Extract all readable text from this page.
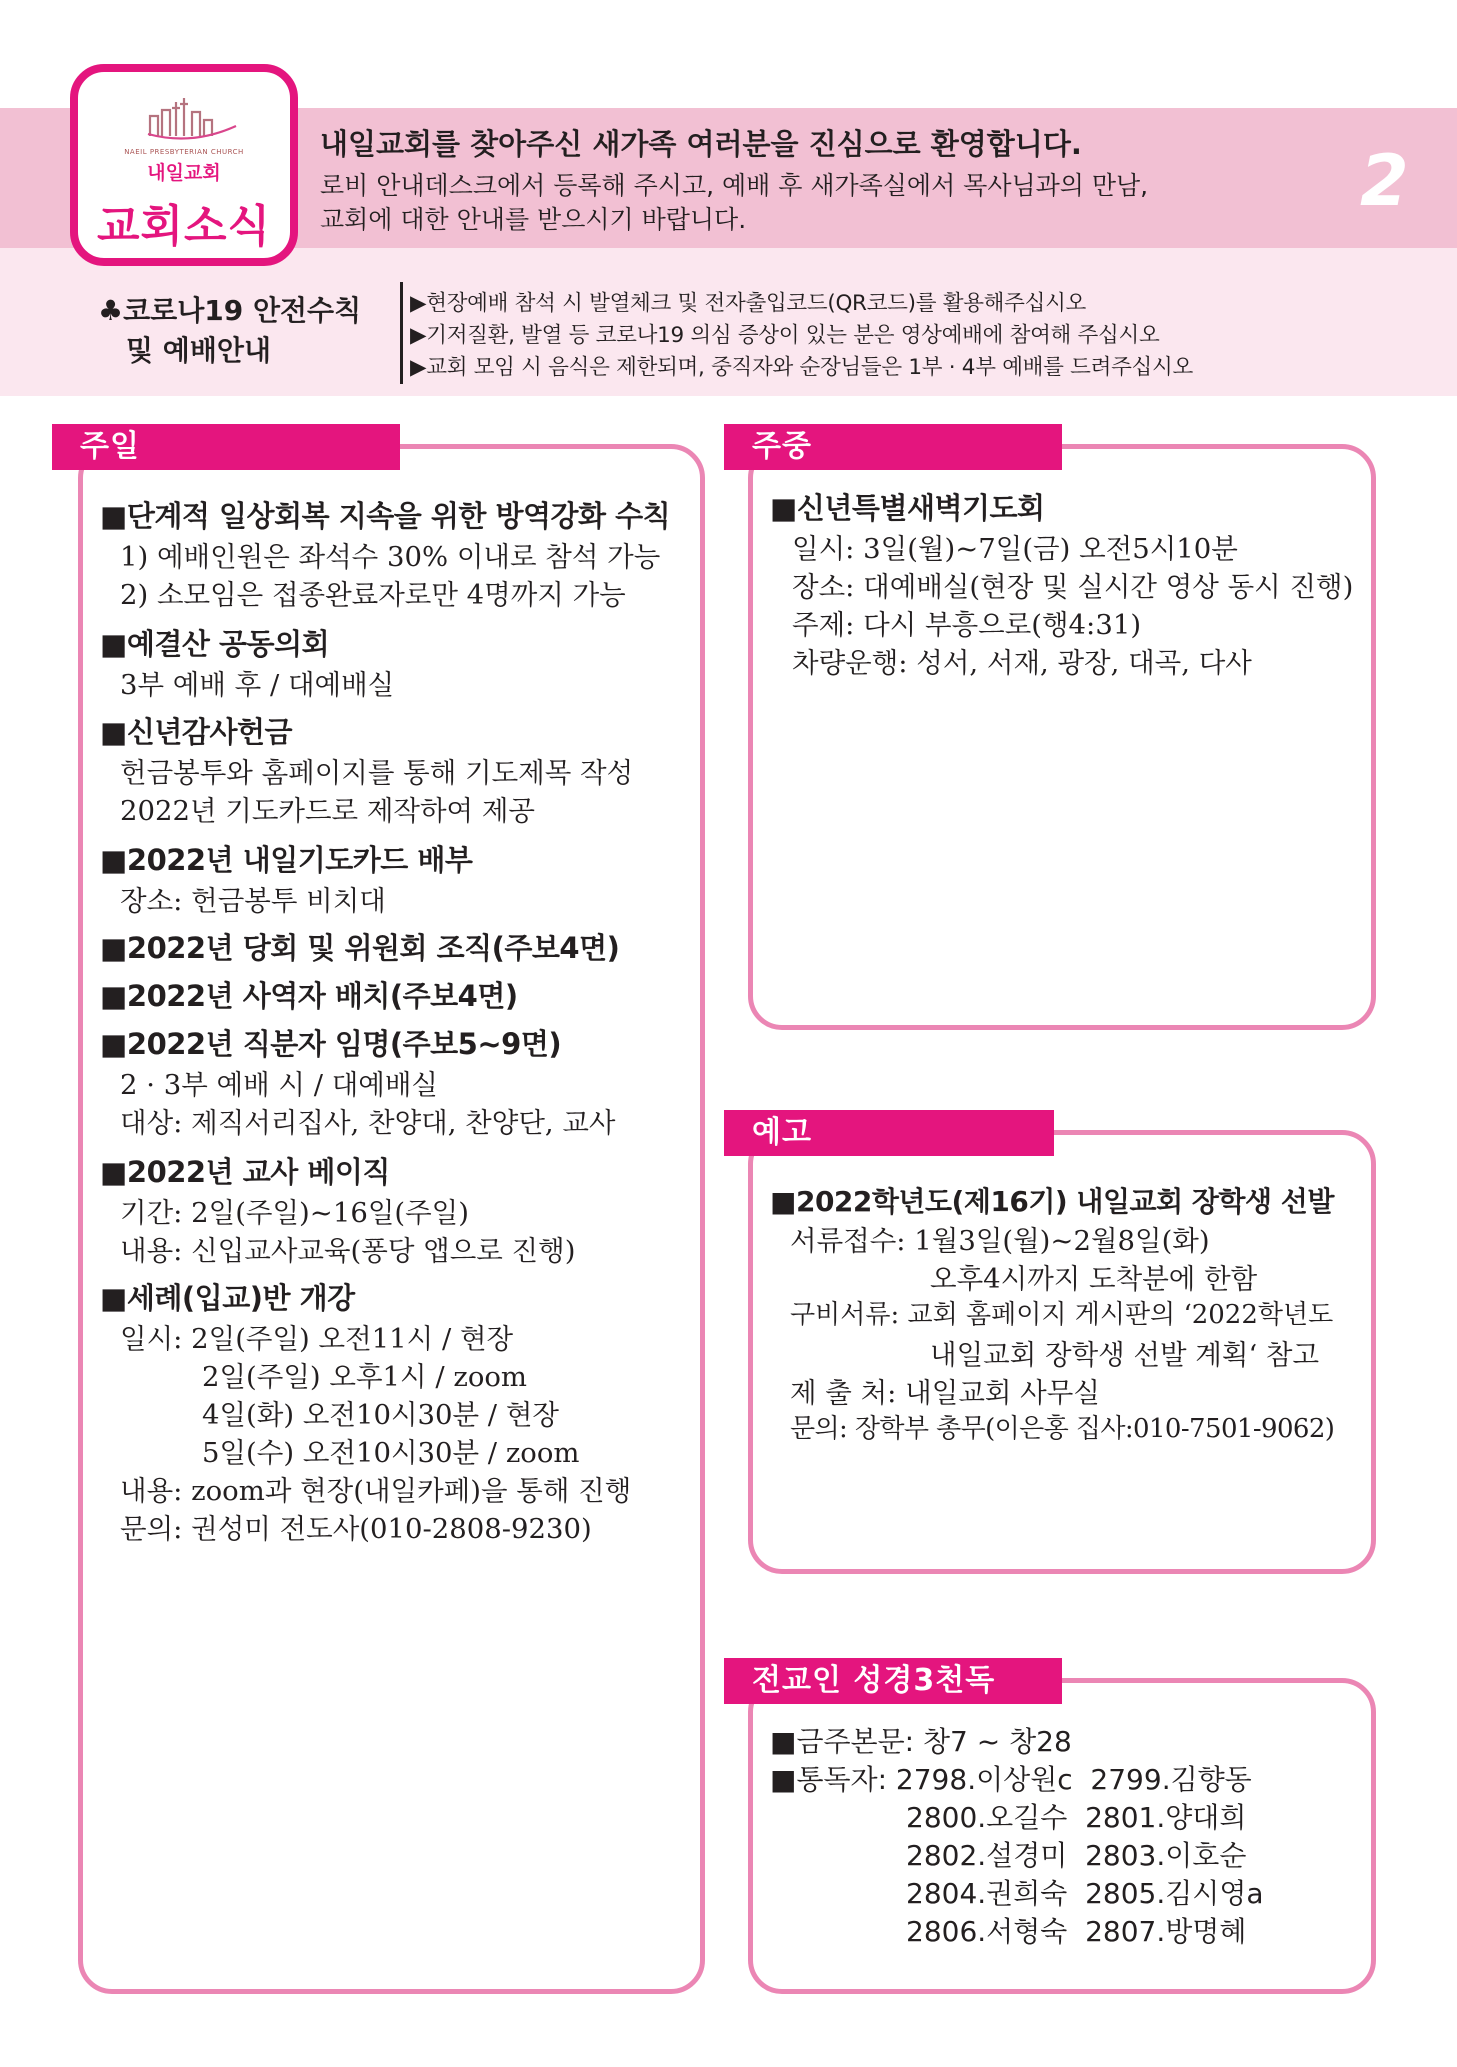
NAEIL PRESBYTERIAN CHURCH
내일교회
교회소식
내일교회를 찾아주신 새가족 여러분을 진심으로 환영합니다.
로비 안내데스크에서 등록해 주시고, 예배 후 새가족실에서 목사님과의 만남,
교회에 대한 안내를 받으시기 바랍니다.	2
♣코로나19 안전수칙
및 예배안내
▶현장예배 참석 시 발열체크 및 전자출입코드(QR코드)를 활용해주십시오
▶기저질환, 발열 등 코로나19 의심 증상이 있는 분은 영상예배에 참여해 주십시오
▶교회 모임 시 음식은 제한되며, 중직자와 순장님들은 1부 · 4부 예배를 드려주십시오
주일
■단계적 일상회복 지속을 위한 방역강화 수칙
1) 예배인원은 좌석수 30% 이내로 참석 가능
2) 소모임은 접종완료자로만 4명까지 가능
■예결산 공동의회
3부 예배 후 / 대예배실
■신년감사헌금
헌금봉투와 홈페이지를 통해 기도제목 작성
2022년 기도카드로 제작하여 제공
■2022년 내일기도카드 배부
장소: 헌금봉투 비치대
■2022년 당회 및 위원회 조직(주보4면)
■2022년 사역자 배치(주보4면)
■2022년 직분자 임명(주보5~9면)
2 · 3부 예배 시 / 대예배실
대상: 제직서리집사, 찬양대, 찬양단, 교사
■2022년 교사 베이직
기간: 2일(주일)~16일(주일)
내용: 신입교사교육(퐁당 앱으로 진행)
■세례(입교)반 개강
일시: 2일(주일) 오전11시 / 현장
2일(주일) 오후1시 / zoom
4일(화) 오전10시30분 / 현장
5일(수) 오전10시30분 / zoom
내용: zoom과 현장(내일카페)을 통해 진행
문의: 권성미 전도사(010-2808-9230)
주중
■신년특별새벽기도회
일시: 3일(월)~7일(금) 오전5시10분
장소: 대예배실(현장 및 실시간 영상 동시 진행)
주제: 다시 부흥으로(행4:31)
차량운행: 성서, 서재, 광장, 대곡, 다사
예고
■2022학년도(제16기) 내일교회 장학생 선발
서류접수: 1월3일(월)~2월8일(화)
오후4시까지 도착분에 한함
구비서류: 교회 홈페이지 게시판의 ‘2022학년도
내일교회 장학생 선발 계획‘ 참고
제 출 처: 내일교회 사무실
문의: 장학부 총무(이은홍 집사:010-7501-9062)
전교인 성경3천독
■금주본문: 창7 ~ 창28
■통독자: 2798.이상원c  2799.김향동
2800.오길수  2801.양대희
2802.설경미  2803.이호순
2804.권희숙  2805.김시영a
2806.서형숙  2807.방명혜
